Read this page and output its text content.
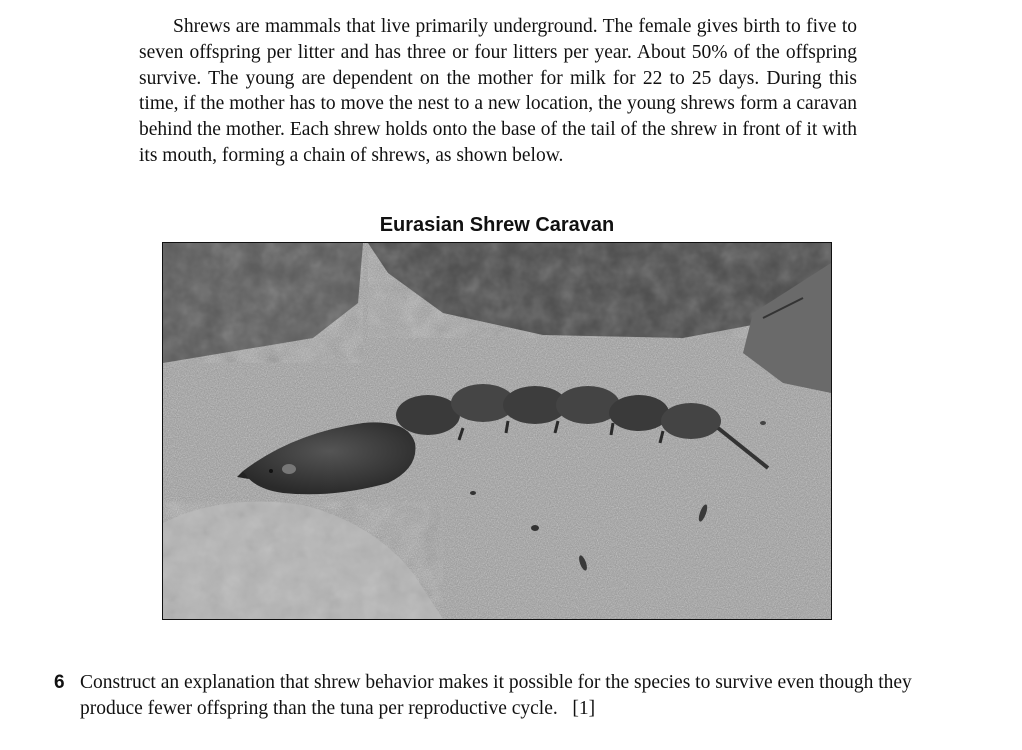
Shrews are mammals that live primarily underground. The female gives birth to five to seven offspring per litter and has three or four litters per year. About 50% of the offspring survive. The young are dependent on the mother for milk for 22 to 25 days. During this time, if the mother has to move the nest to a new location, the young shrews form a caravan behind the mother. Each shrew holds onto the base of the tail of the shrew in front of it with its mouth, forming a chain of shrews, as shown below.

Eurasian Shrew Caravan
6 Construct an explanation that shrew behavior makes it possible for the species to survive even though they produce fewer offspring than the tuna per reproductive cycle. [1]
